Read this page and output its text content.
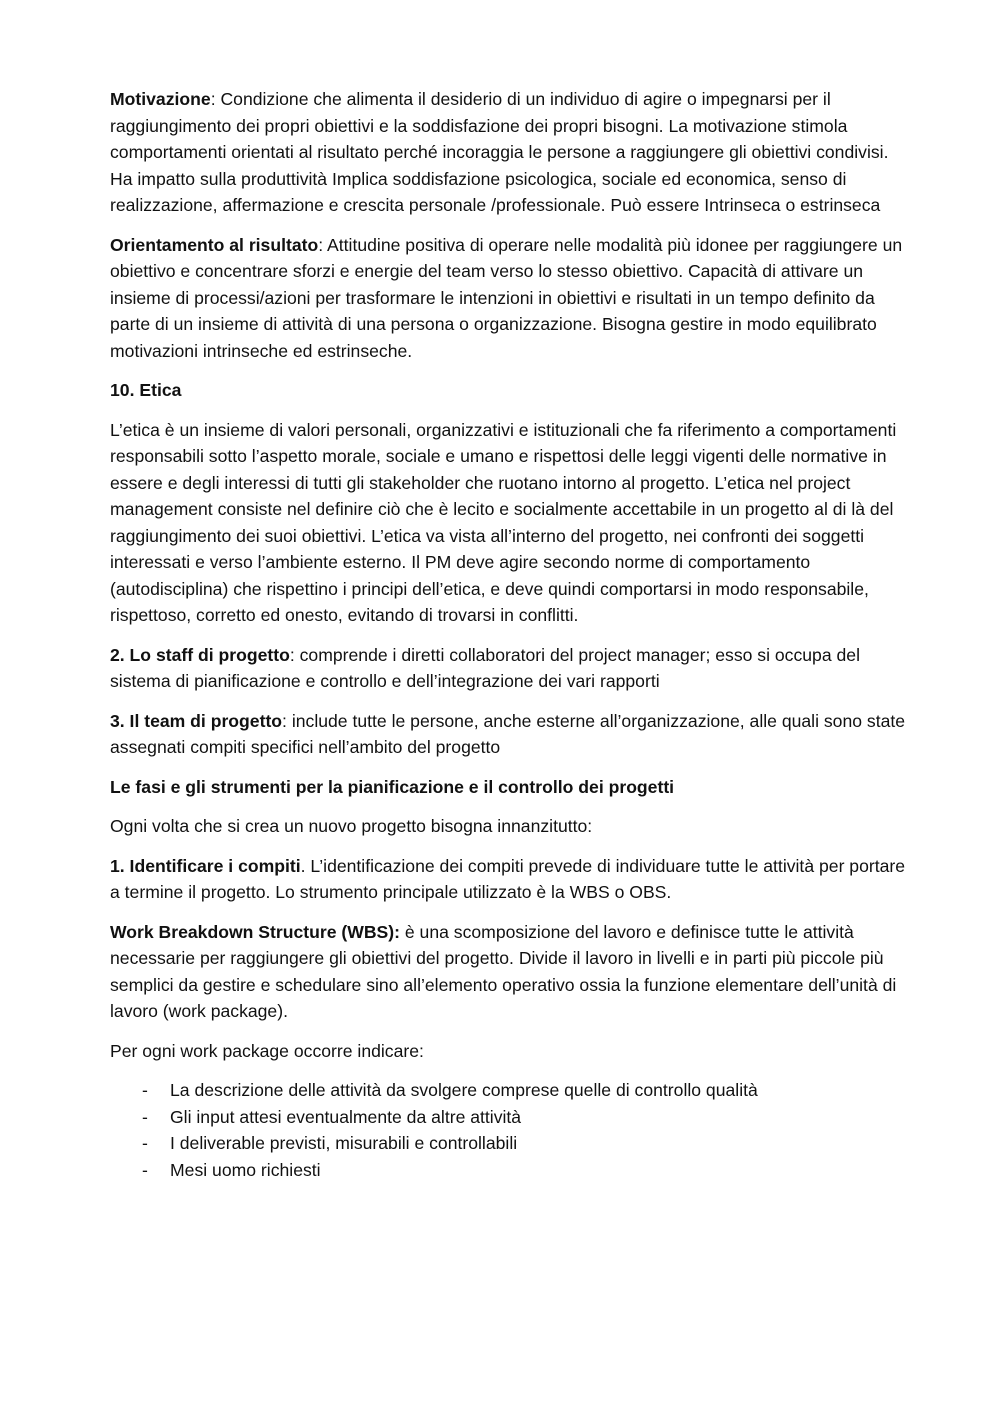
Motivazione: Condizione che alimenta il desiderio di un individuo di agire o impegnarsi per il raggiungimento dei propri obiettivi e la soddisfazione dei propri bisogni. La motivazione stimola comportamenti orientati al risultato perché incoraggia le persone a raggiungere gli obiettivi condivisi. Ha impatto sulla produttività Implica soddisfazione psicologica, sociale ed economica, senso di realizzazione, affermazione e crescita personale /professionale. Può essere Intrinseca o estrinseca

Orientamento al risultato: Attitudine positiva di operare nelle modalità più idonee per raggiungere un obiettivo e concentrare sforzi e energie del team verso lo stesso obiettivo. Capacità di attivare un insieme di processi/azioni per trasformare le intenzioni in obiettivi e risultati in un tempo definito da parte di un insieme di attività di una persona o organizzazione. Bisogna gestire in modo equilibrato motivazioni intrinseche ed estrinseche.

10. Etica

L’etica è un insieme di valori personali, organizzativi e istituzionali che fa riferimento a comportamenti responsabili sotto l’aspetto morale, sociale e umano e rispettosi delle leggi vigenti delle normative in essere e degli interessi di tutti gli stakeholder che ruotano intorno al progetto. L’etica nel project management consiste nel definire ciò che è lecito e socialmente accettabile in un progetto al di là del raggiungimento dei suoi obiettivi. L’etica va vista all’interno del progetto, nei confronti dei soggetti interessati e verso l’ambiente esterno. Il PM deve agire secondo norme di comportamento (autodisciplina) che rispettino i principi dell’etica, e deve quindi comportarsi in modo responsabile, rispettoso, corretto ed onesto, evitando di trovarsi in conflitti.

2. Lo staff di progetto: comprende i diretti collaboratori del project manager; esso si occupa del sistema di pianificazione e controllo e dell’integrazione dei vari rapporti

3. Il team di progetto: include tutte le persone, anche esterne all’organizzazione, alle quali sono state assegnati compiti specifici nell’ambito del progetto

Le fasi e gli strumenti per la pianificazione e il controllo dei progetti

Ogni volta che si crea un nuovo progetto bisogna innanzitutto:

1. Identificare i compiti. L’identificazione dei compiti prevede di individuare tutte le attività per portare a termine il progetto. Lo strumento principale utilizzato è la WBS o OBS.

Work Breakdown Structure (WBS): è una scomposizione del lavoro e definisce tutte le attività necessarie per raggiungere gli obiettivi del progetto. Divide il lavoro in livelli e in parti più piccole più semplici da gestire e schedulare sino all’elemento operativo ossia la funzione elementare dell’unità di lavoro (work package).

Per ogni work package occorre indicare:

- La descrizione delle attività da svolgere comprese quelle di controllo qualità
- Gli input attesi eventualmente da altre attività
- I deliverable previsti, misurabili e controllabili
- Mesi uomo richiesti
